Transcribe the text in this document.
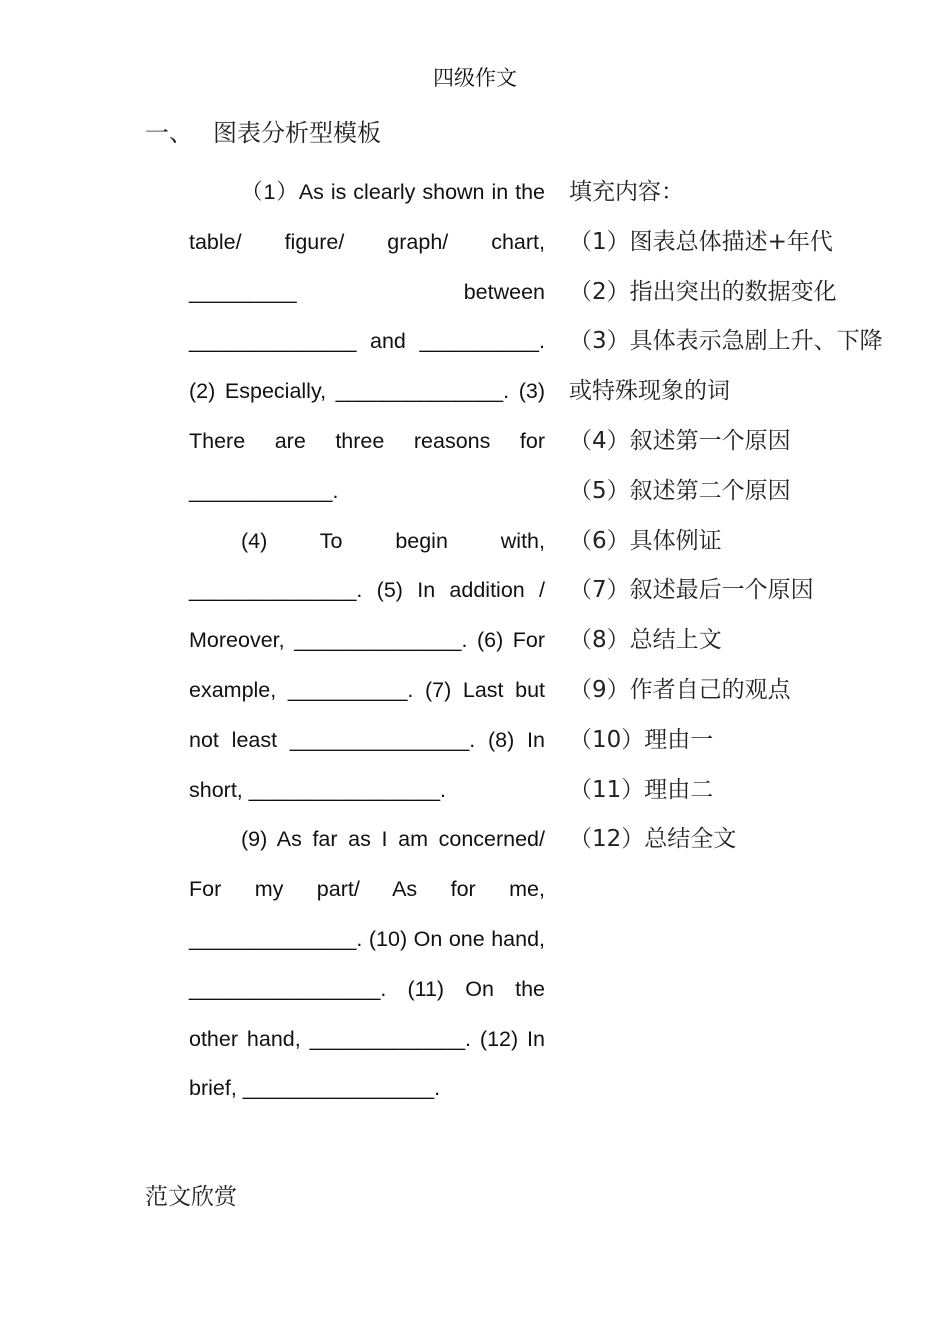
四级作文
一、 图表分析型模板

（1）As is clearly shown in the table/ figure/ graph/ chart, _________ between ______________ and __________. (2) Especially, ______________. (3) There are three reasons for ____________.

(4) To begin with, ______________. (5) In addition / Moreover, ______________. (6) For example, __________. (7) Last but not least _______________. (8) In short, ________________.

(9) As far as I am concerned/ For my part/ As for me, ______________. (10) On one hand, ________________. (11) On the other hand, _____________. (12) In brief, ________________.

填充内容：
（1）图表总体描述+年代
（2）指出突出的数据变化
（3）具体表示急剧上升、下降或特殊现象的词
（4）叙述第一个原因
（5）叙述第二个原因
（6）具体例证
（7）叙述最后一个原因
（8）总结上文
（9）作者自己的观点
（10）理由一
（11）理由二
（12）总结全文
范文欣赏
